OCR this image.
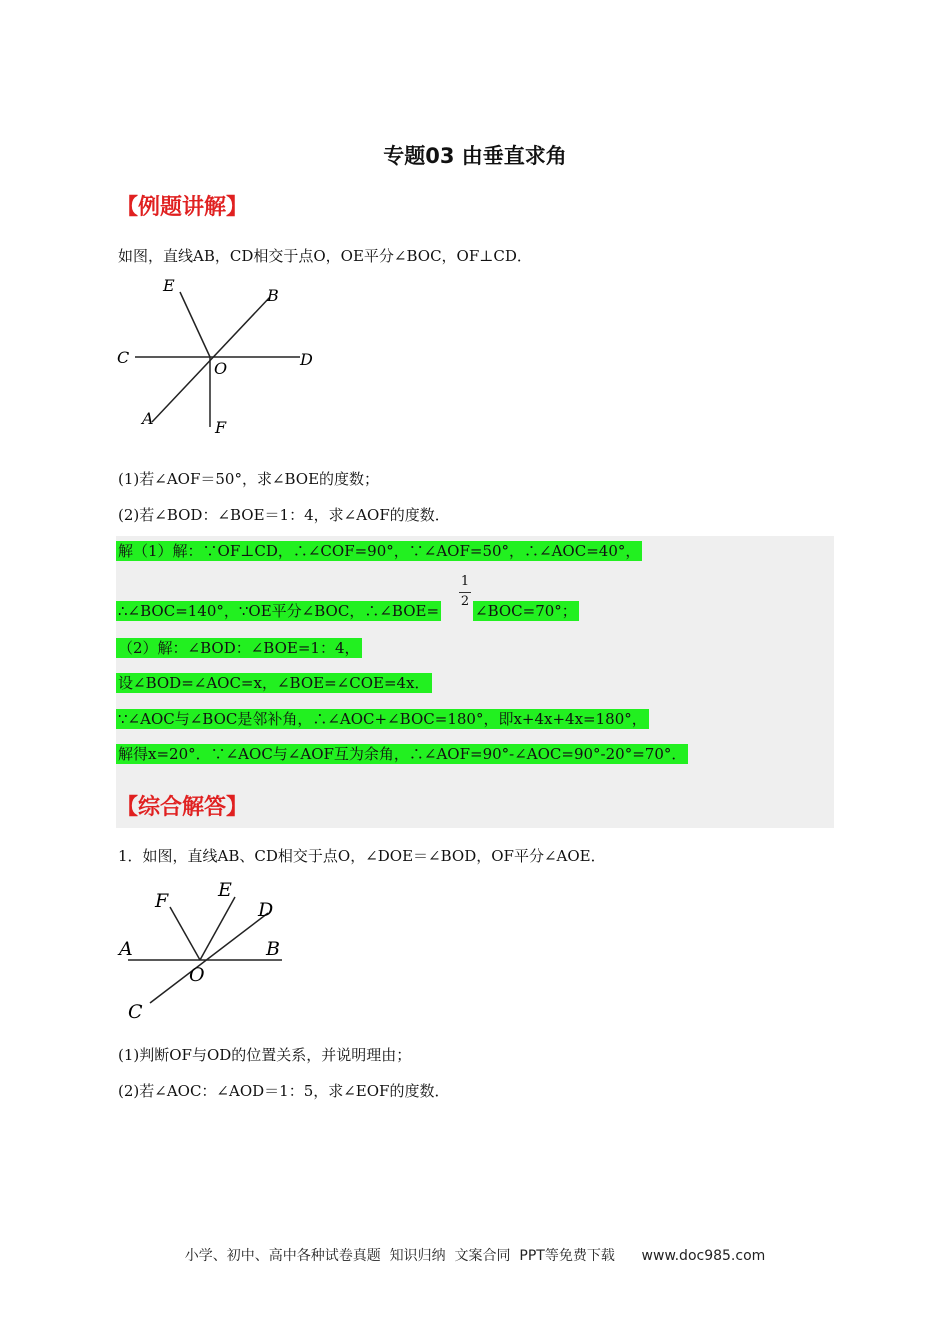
专题03 由垂直求角
【例题讲解】
如图，直线AB，CD相交于点O，OE平分∠BOC，OF⊥CD．
E
B
C
O	D
A	F
(1)若∠AOF＝50°，求∠BOE的度数；
(2)若∠BOD：∠BOE＝1：4，求∠AOF的度数．
解（1）解：∵OF⊥CD，∴∠COF=90°，∵∠AOF=50°，∴∠AOC=40°，
1
2
∴∠BOC=140°，∵OE平分∠BOC，∴∠BOE= ∠BOC=70°；
（2）解：∠BOD：∠BOE=1：4，
设∠BOD=∠AOC=x，∠BOE=∠COE=4x．
∵∠AOC与∠BOC是邻补角，∴∠AOC+∠BOC=180°，即x+4x+4x=180°，
解得x=20°．∵∠AOC与∠AOF互为余角，∴∠AOF=90°-∠AOC=90°-20°=70°．
【综合解答】
1．如图，直线AB、CD相交于点O，∠DOE＝∠BOD，OF平分∠AOE．
F	E
D
A	B
O
C
(1)判断OF与OD的位置关系，并说明理由；
(2)若∠AOC：∠AOD＝1：5，求∠EOF的度数．
小学、初中、高中各种试卷真题  知识归纳  文案合同  PPT等免费下载      www.doc985.com
